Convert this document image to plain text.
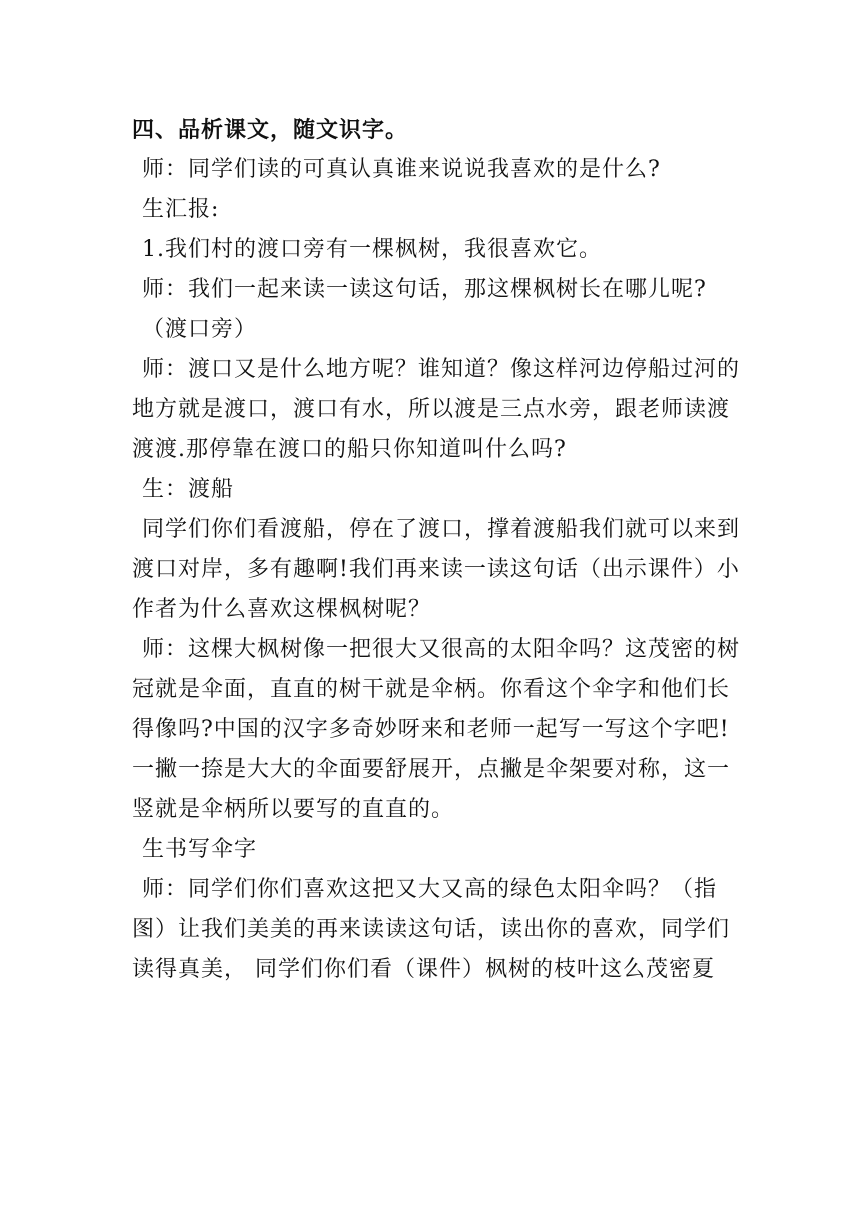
四、品析课文，随文识字。

师：同学们读的可真认真谁来说说我喜欢的是什么?

生汇报:

1.我们村的渡口旁有一棵枫树，我很喜欢它。

师：我们一起来读一读这句话，那这棵枫树长在哪儿呢?

（渡口旁）

师：渡口又是什么地方呢？谁知道？像这样河边停船过河的地方就是渡口，渡口有水，所以渡是三点水旁，跟老师读渡渡渡.那停靠在渡口的船只你知道叫什么吗?

生：渡船

同学们你们看渡船，停在了渡口，撑着渡船我们就可以来到渡口对岸，多有趣啊!我们再来读一读这句话（出示课件）小作者为什么喜欢这棵枫树呢？

师：这棵大枫树像一把很大又很高的太阳伞吗？这茂密的树冠就是伞面，直直的树干就是伞柄。你看这个伞字和他们长得像吗?中国的汉字多奇妙呀来和老师一起写一写这个字吧!一撇一捺是大大的伞面要舒展开，点撇是伞架要对称，这一竖就是伞柄所以要写的直直的。

生书写伞字

师：同学们你们喜欢这把又大又高的绿色太阳伞吗？（指图）让我们美美的再来读读这句话，读出你的喜欢，同学们读得真美， 同学们你们看（课件）枫树的枝叶这么茂密夏
